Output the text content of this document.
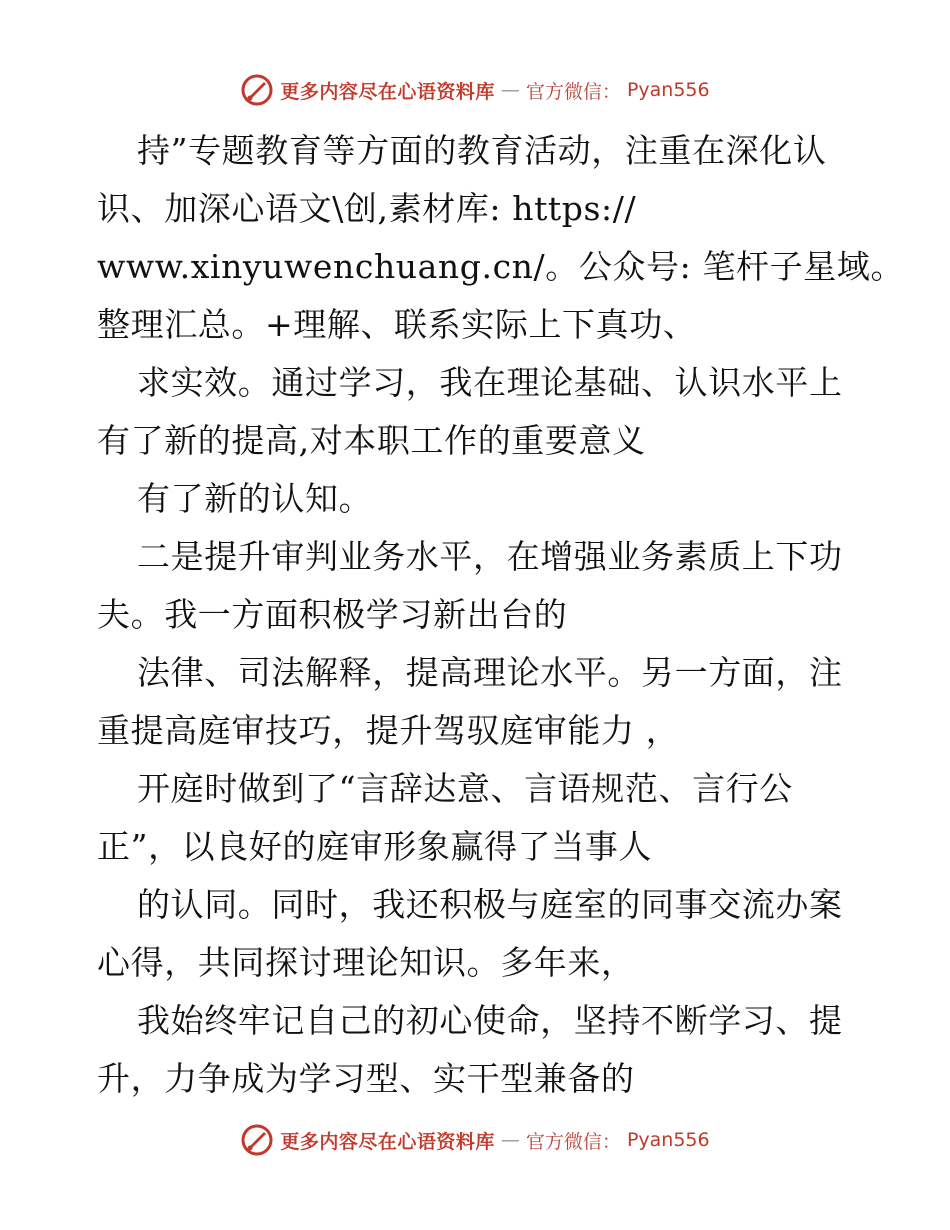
更多内容尽在心语资料库 — 官方微信： Pyan556
持”专题教育等方面的教育活动，注重在深化认
识、加深心语文\创,素材库: https://
www.xinyuwenchuang.cn/。公众号: 笔杆子星域。
整理汇总。+理解、联系实际上下真功、
求实效。通过学习，我在理论基础、认识水平上
有了新的提高,对本职工作的重要意义
有了新的认知。
二是提升审判业务水平，在增强业务素质上下功
夫。我一方面积极学习新出台的
法律、司法解释，提高理论水平。另一方面，注
重提高庭审技巧，提升驾驭庭审能力 ，
开庭时做到了“言辞达意、言语规范、言行公
正”，以良好的庭审形象赢得了当事人
的认同。同时，我还积极与庭室的同事交流办案
心得，共同探讨理论知识。多年来，
我始终牢记自己的初心使命，坚持不断学习、提
升，力争成为学习型、实干型兼备的
更多内容尽在心语资料库 — 官方微信： Pyan556
